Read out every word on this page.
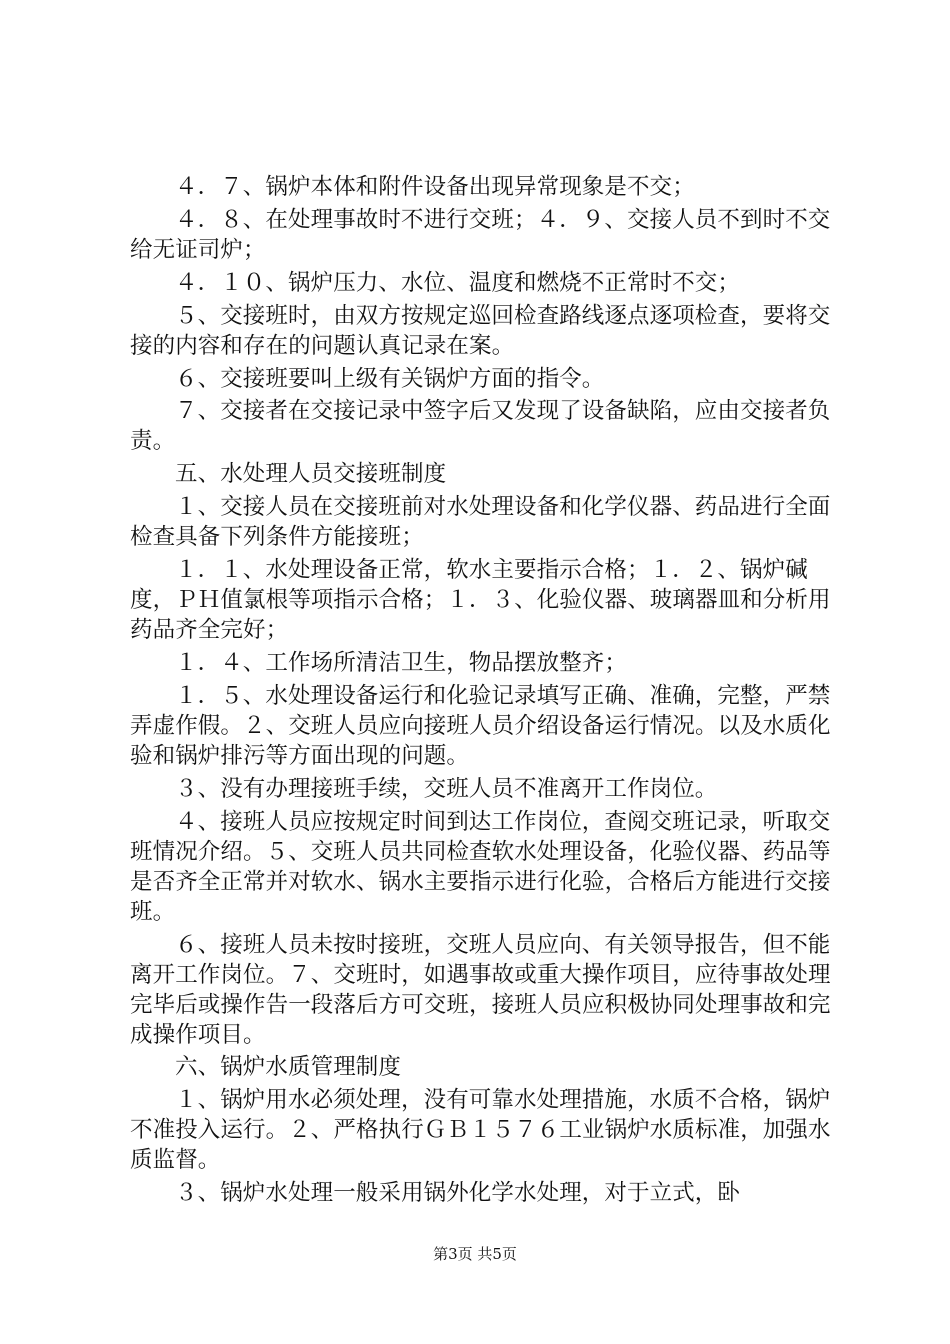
４．７、锅炉本体和附件设备出现异常现象是不交；

４．８、在处理事故时不进行交班；４．９、交接人员不到时不交给无证司炉；

４．１０、锅炉压力、水位、温度和燃烧不正常时不交；

５、交接班时，由双方按规定巡回检查路线逐点逐项检查，要将交接的内容和存在的问题认真记录在案。

６、交接班要叫上级有关锅炉方面的指令。

７、交接者在交接记录中签字后又发现了设备缺陷，应由交接者负责。

五、水处理人员交接班制度

１、交接人员在交接班前对水处理设备和化学仪器、药品进行全面检查具备下列条件方能接班；

１．１、水处理设备正常，软水主要指示合格；１．２、锅炉碱度，ＰＨ值氯根等项指示合格；１．３、化验仪器、玻璃器皿和分析用药品齐全完好；

１．４、工作场所清洁卫生，物品摆放整齐；

１．５、水处理设备运行和化验记录填写正确、准确，完整，严禁弄虚作假。２、交班人员应向接班人员介绍设备运行情况。以及水质化验和锅炉排污等方面出现的问题。

３、没有办理接班手续，交班人员不准离开工作岗位。

４、接班人员应按规定时间到达工作岗位，查阅交班记录，听取交班情况介绍。５、交班人员共同检查软水处理设备，化验仪器、药品等是否齐全正常并对软水、锅水主要指示进行化验，合格后方能进行交接班。

６、接班人员未按时接班，交班人员应向、有关领导报告，但不能离开工作岗位。７、交班时，如遇事故或重大操作项目，应待事故处理完毕后或操作告一段落后方可交班，接班人员应积极协同处理事故和完成操作项目。

六、锅炉水质管理制度

１、锅炉用水必须处理，没有可靠水处理措施，水质不合格，锅炉不准投入运行。２、严格执行ＧＢ１５７６工业锅炉水质标准，加强水质监督。

３、锅炉水处理一般采用锅外化学水处理，对于立式，卧

第3页 共5页
